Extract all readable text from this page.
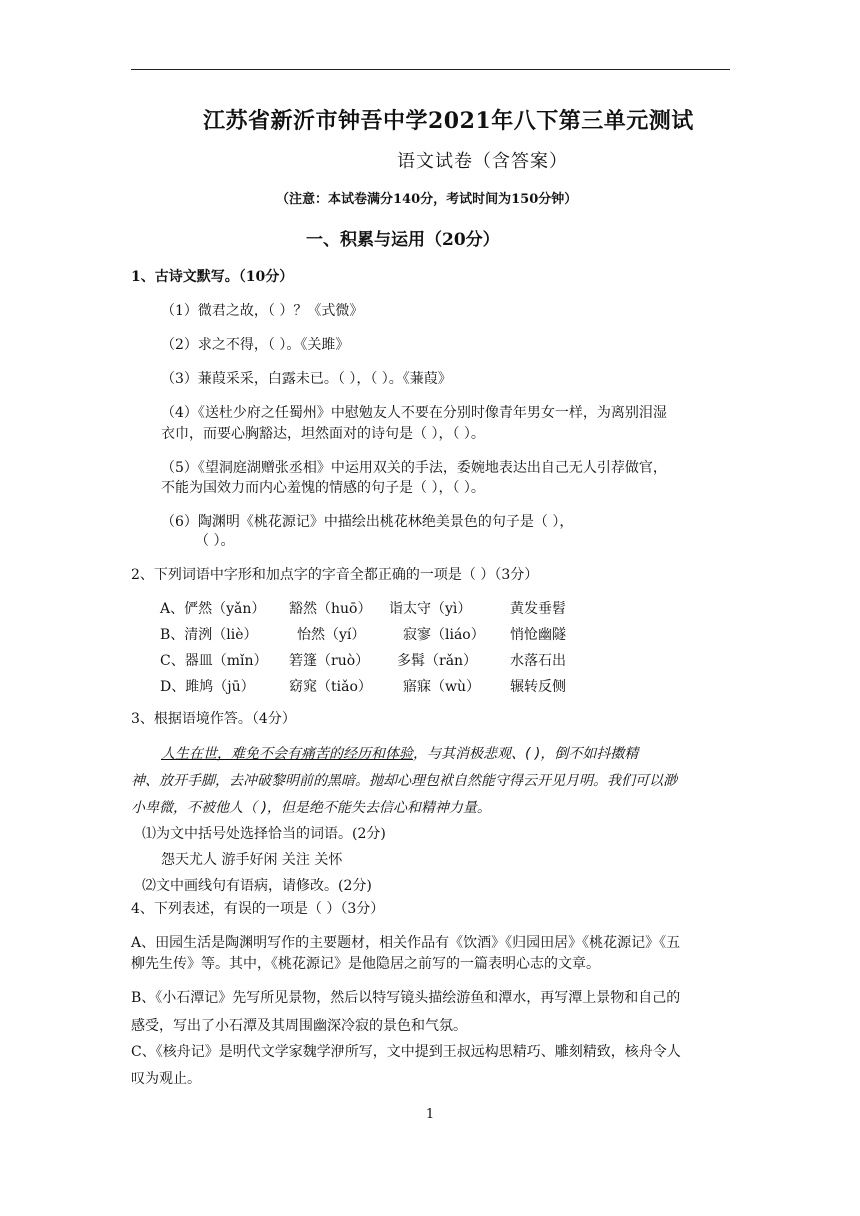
江苏省新沂市钟吾中学2021年八下第三单元测试
语文试卷（含答案）
（注意：本试卷满分140分，考试时间为150分钟）
一、积累与运用（20分）
1、古诗文默写。（10分）
（1）微君之故，（ ）？《式微》
（2）求之不得，（ ）。《关雎》
（3）蒹葭采采，白露未已。（ ），（ ）。《蒹葭》
（4）《送杜少府之任蜀州》中慰勉友人不要在分别时像青年男女一样，为离别泪湿
衣巾，而要心胸豁达，坦然面对的诗句是（ ），（ ）。
（5）《望洞庭湖赠张丞相》中运用双关的手法，委婉地表达出自己无人引荐做官，
不能为国效力而内心羞愧的情感的句子是（ ），（ ）。
（6）陶渊明《桃花源记》中描绘出桃花林绝美景色的句子是（ ），
（ ）。
2、下列词语中字形和加点字的字音全都正确的一项是（ ）（3分）
A、俨然（yǎn） 豁然（huō） 诣太守（yì）	黄发垂髫
B、清洌（liè）	怡然（yí）	寂寥（liáo） 悄怆幽隧
C、器皿（mǐn） 箬篷（ruò） 多髯（rǎn） 水落石出
D、雎鸠（jū） 窈窕（tiǎo） 寤寐（wù） 辗转反侧
3、根据语境作答。（4分）
人生在世，难免不会有痛苦的经历和体验，与其消极悲观、( )，倒不如抖擞精
神、放开手脚，去冲破黎明前的黑暗。抛却心理包袱自然能守得云开见月明。我们可以渺
小卑微，不被他人（ )，但是绝不能失去信心和精神力量。
⑴为文中括号处选择恰当的词语。(2分)
怨天尤人 游手好闲 关注 关怀
⑵文中画线句有语病，请修改。(2分)
4、下列表述，有误的一项是（ ）（3分）
A、田园生活是陶渊明写作的主要题材，相关作品有《饮酒》《归园田居》《桃花源记》《五
柳先生传》等。其中，《桃花源记》是他隐居之前写的一篇表明心志的文章。
B、《小石潭记》先写所见景物，然后以特写镜头描绘游鱼和潭水，再写潭上景物和自己的
感受，写出了小石潭及其周围幽深冷寂的景色和气氛。
C、《核舟记》是明代文学家魏学洢所写，文中提到王叔远构思精巧、雕刻精致，核舟令人
叹为观止。
1
